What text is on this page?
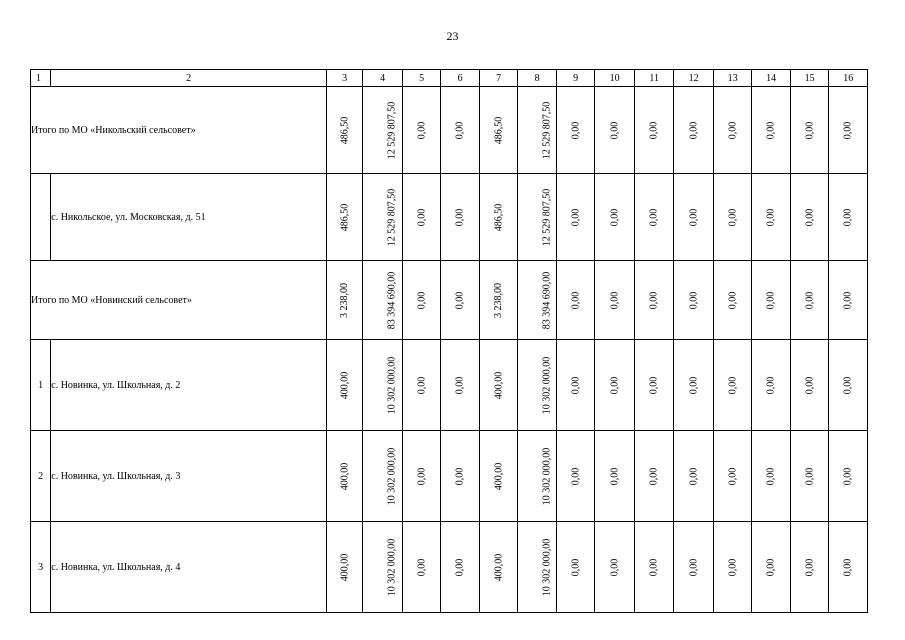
23
1	2	3	4	5	6	7	8	9	10	11	12	13	14	15	16
Итого по МО «Никольский сельсовет»		486,50	12 529 807,50	0,00	0,00	486,50	12 529 807,50	0,00	0,00	0,00	0,00	0,00	0,00	0,00	0,00
	с. Никольское, ул. Московская, д. 51	486,50	12 529 807,50	0,00	0,00	486,50	12 529 807,50	0,00	0,00	0,00	0,00	0,00	0,00	0,00	0,00
Итого по МО «Новинский сельсовет»		3 238,00	83 394 690,00	0,00	0,00	3 238,00	83 394 690,00	0,00	0,00	0,00	0,00	0,00	0,00	0,00	0,00
1	с. Новинка, ул. Школьная, д. 2	400,00	10 302 000,00	0,00	0,00	400,00	10 302 000,00	0,00	0,00	0,00	0,00	0,00	0,00	0,00	0,00
2	с. Новинка, ул. Школьная, д. 3	400,00	10 302 000,00	0,00	0,00	400,00	10 302 000,00	0,00	0,00	0,00	0,00	0,00	0,00	0,00	0,00
3	с. Новинка, ул. Школьная, д. 4	400,00	10 302 000,00	0,00	0,00	400,00	10 302 000,00	0,00	0,00	0,00	0,00	0,00	0,00	0,00	0,00
